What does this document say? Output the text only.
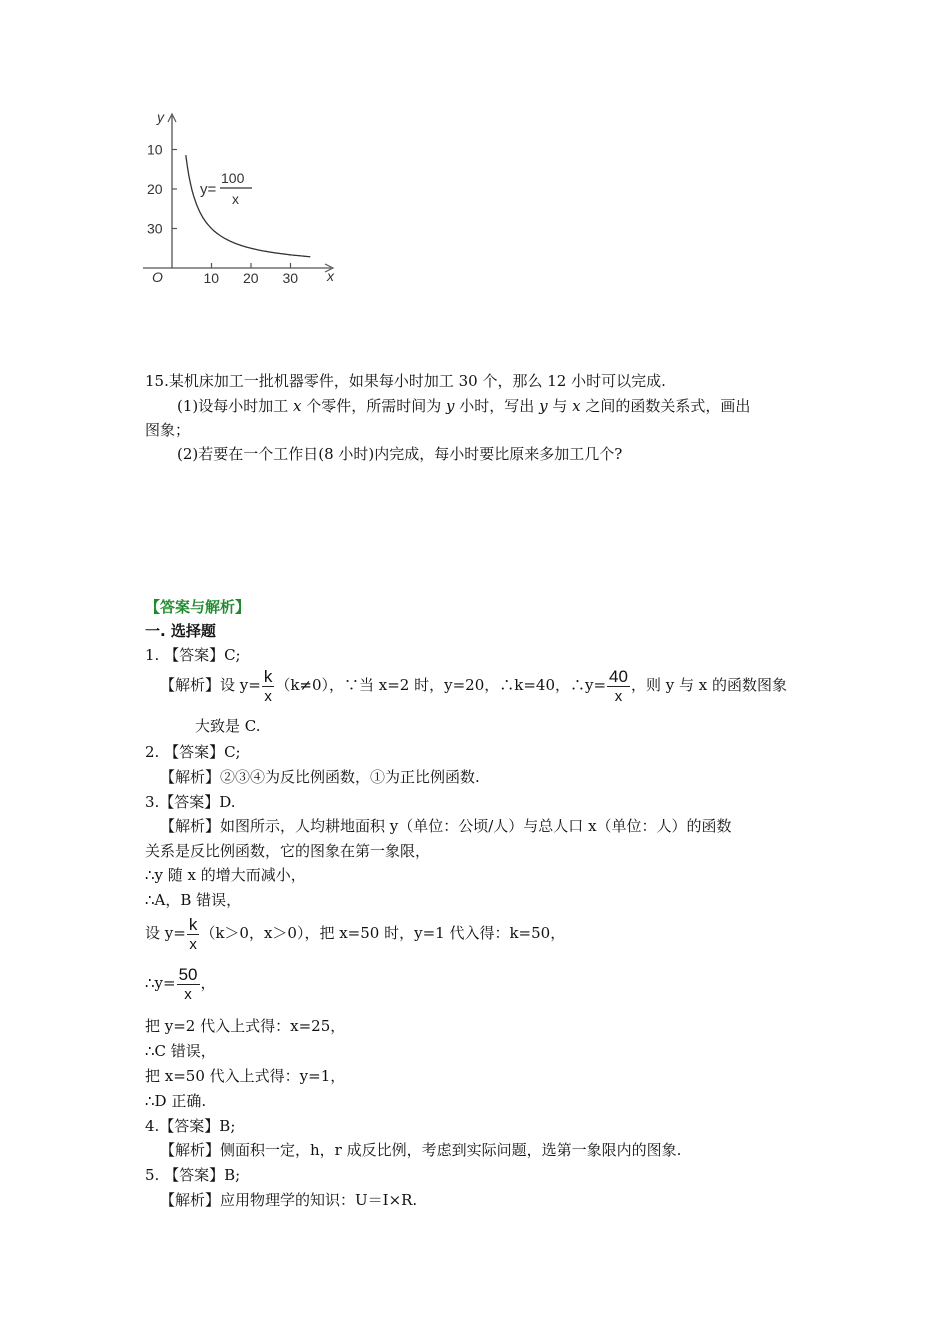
y
x
O
30
20
10
10 20 30
y=
100
x
15.某机床加工一批机器零件，如果每小时加工 30 个，那么 12 小时可以完成.
(1)设每小时加工 x 个零件，所需时间为 y 小时，写出 y 与 x 之间的函数关系式，画出
图象；
(2)若要在一个工作日(8 小时)内完成，每小时要比原来多加工几个?
【答案与解析】
一. 选择题
1. 【答案】C;
【解析】设 $y= \frac{k}{x} (k\ne 0)$，∵当 x=2 时，y=20，∴k=40，∴y= $\frac{40}{x}$ ，则 y 与 x 的函数图象
大致是 C.
2. 【答案】C;
【解析】②③④为反比例函数，①为正比例函数.
3.【答案】D.
【解析】如图所示，人均耕地面积 y（单位：公顷/人）与总人口 x（单位：人）的函数
关系是反比例函数，它的图象在第一象限，
∴y 随 x 的增大而减小，
∴A，B 错误，
设 $y= \frac{k}{x} (k>0$，x＞0），把 x=50 时，y=1 代入得：k=50，
∴y= $\frac{50}{x}$ ，
把 y=2 代入上式得：x=25，
∴C 错误，
把 x=50 代入上式得：y=1，
∴D 正确.
4.【答案】B;
【解析】侧面积一定，h，r 成反比例，考虑到实际问题，选第一象限内的图象.
5. 【答案】B;
【解析】应用物理学的知识：U＝I×R.
